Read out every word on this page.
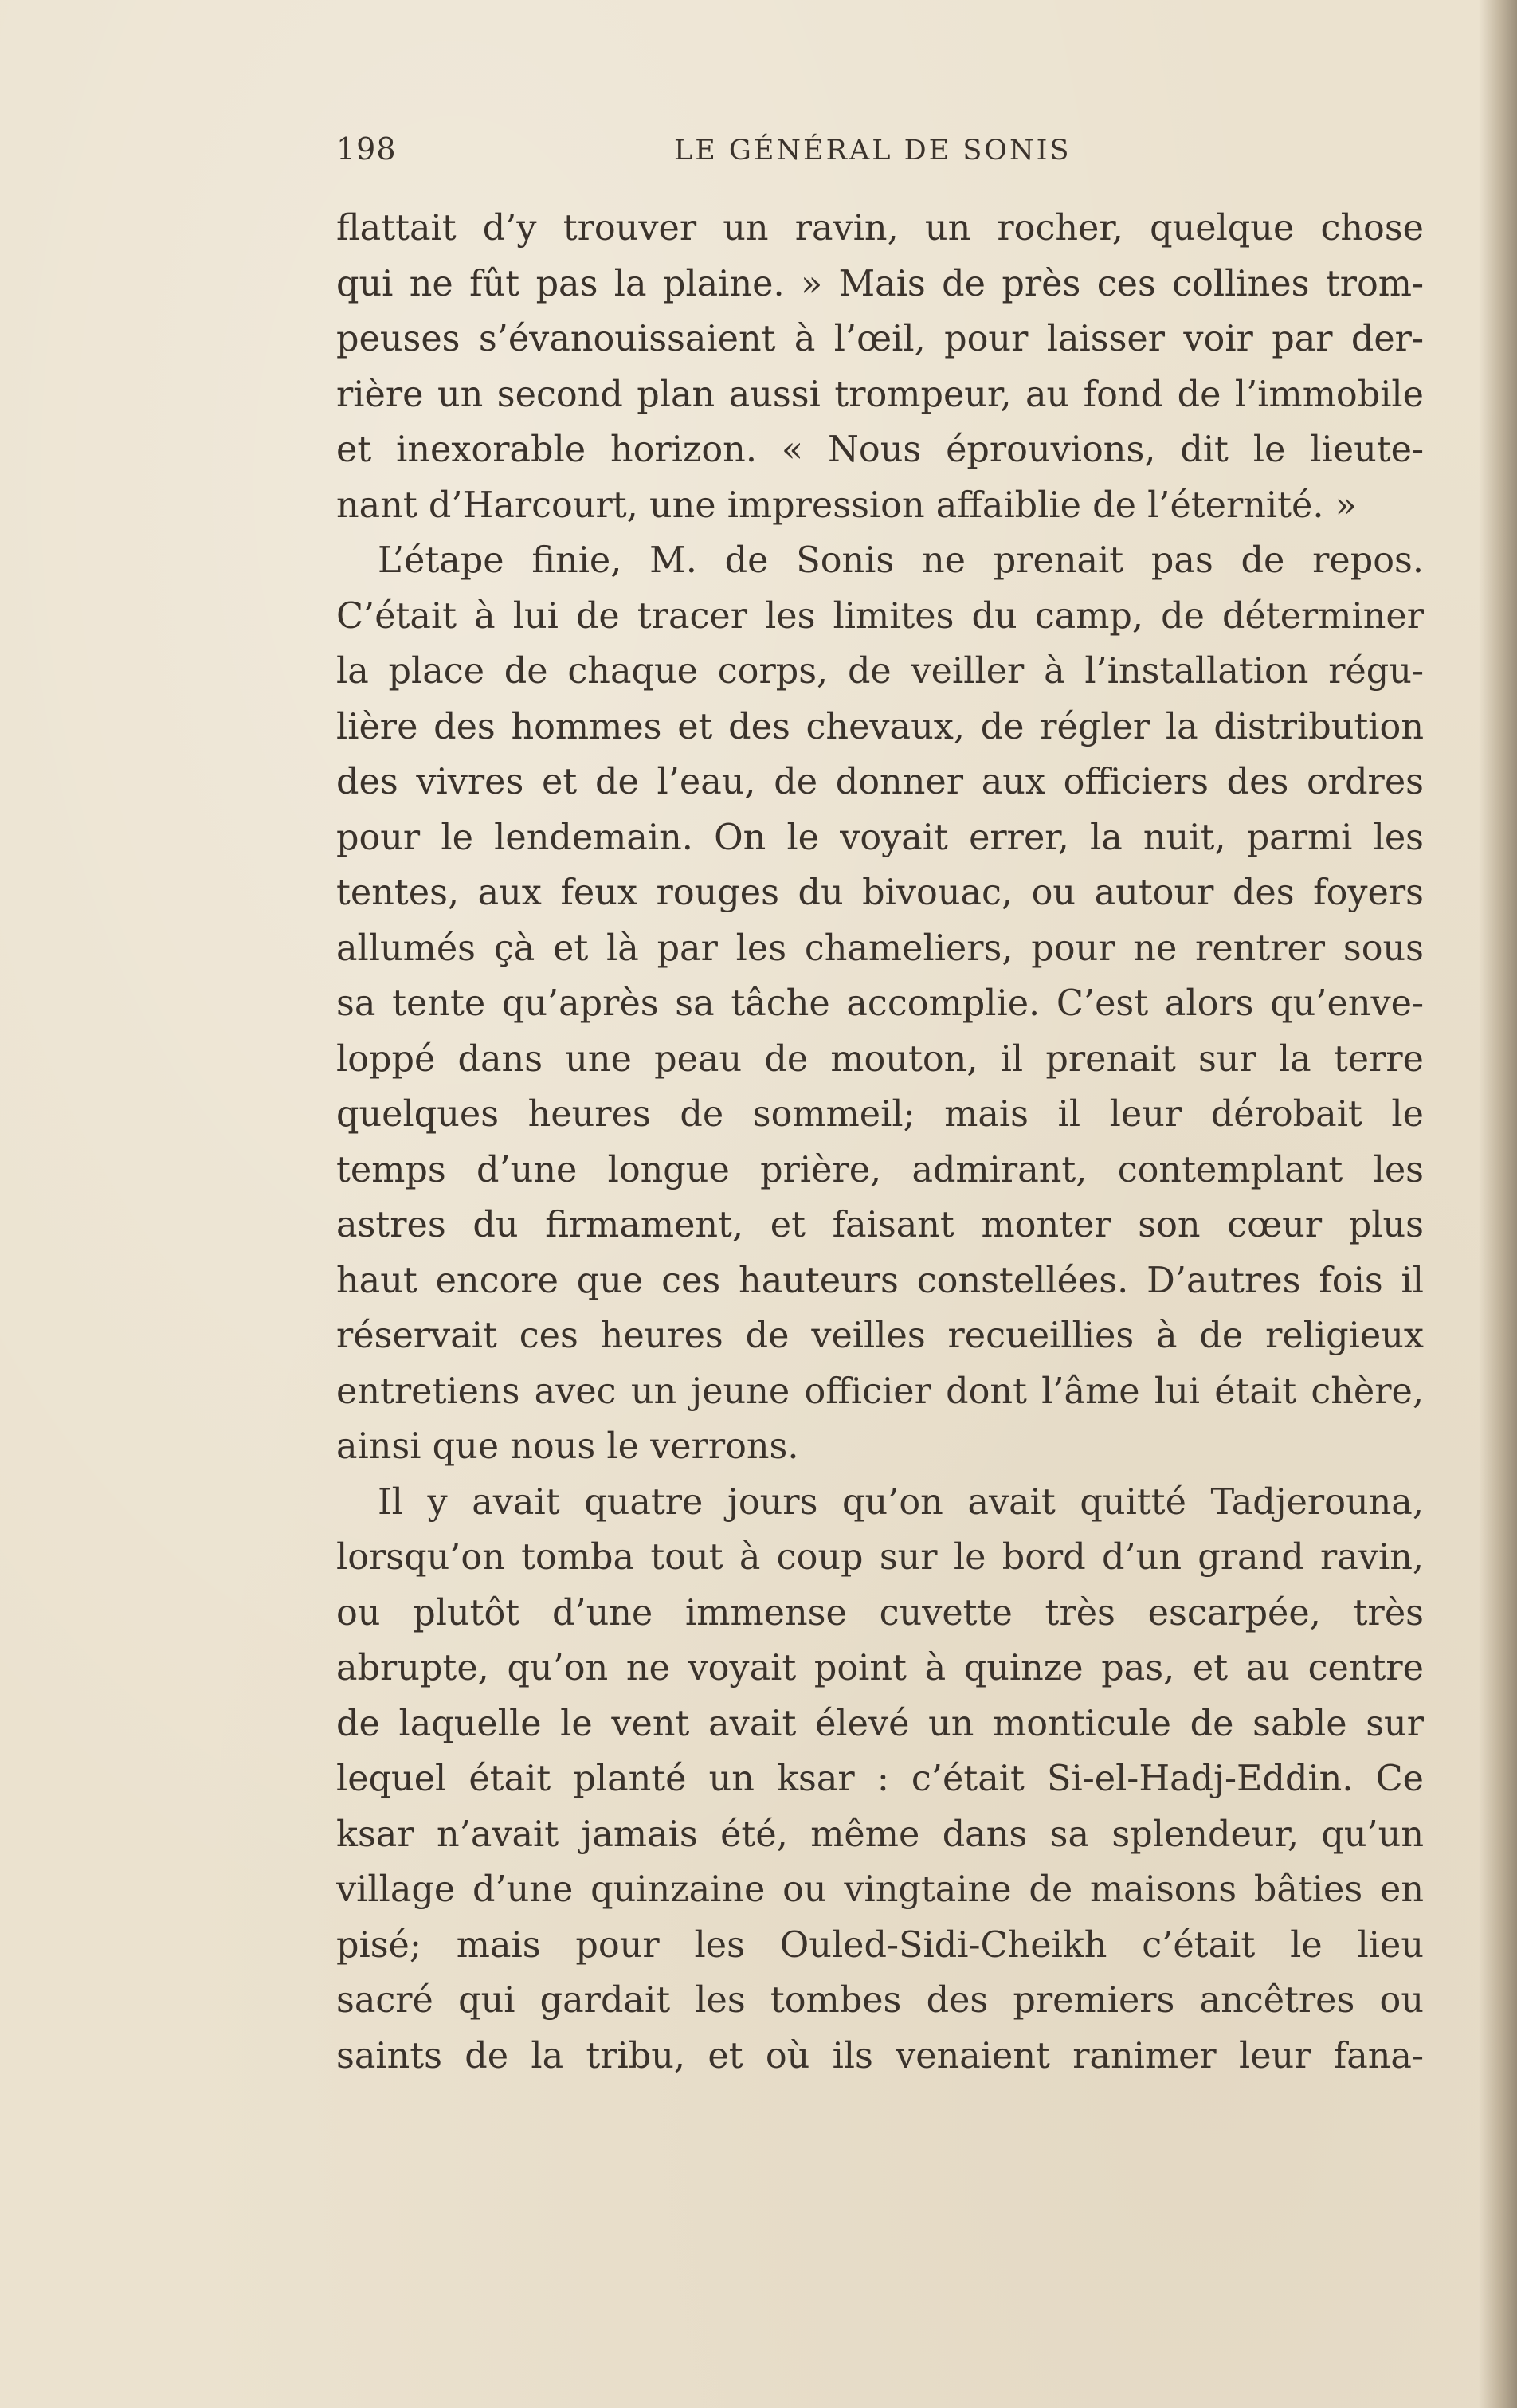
198	LE GÉNÉRAL DE SONIS
flattait d’y trouver un ravin, un rocher, quelque chose
qui ne fût pas la plaine. » Mais de près ces collines trom-
peuses s’évanouissaient à l’œil, pour laisser voir par der-
rière un second plan aussi trompeur, au fond de l’immobile
et inexorable horizon. « Nous éprouvions, dit le lieute-
nant d’Harcourt, une impression affaiblie de l’éternité. »
L’étape finie, M. de Sonis ne prenait pas de repos.
C’était à lui de tracer les limites du camp, de déterminer
la place de chaque corps, de veiller à l’installation régu-
lière des hommes et des chevaux, de régler la distribution
des vivres et de l’eau, de donner aux officiers des ordres
pour le lendemain. On le voyait errer, la nuit, parmi les
tentes, aux feux rouges du bivouac, ou autour des foyers
allumés çà et là par les chameliers, pour ne rentrer sous
sa tente qu’après sa tâche accomplie. C’est alors qu’enve-
loppé dans une peau de mouton, il prenait sur la terre
quelques heures de sommeil; mais il leur dérobait le
temps d’une longue prière, admirant, contemplant les
astres du firmament, et faisant monter son cœur plus
haut encore que ces hauteurs constellées. D’autres fois il
réservait ces heures de veilles recueillies à de religieux
entretiens avec un jeune officier dont l’âme lui était chère,
ainsi que nous le verrons.
Il y avait quatre jours qu’on avait quitté Tadjerouna,
lorsqu’on tomba tout à coup sur le bord d’un grand ravin,
ou plutôt d’une immense cuvette très escarpée, très
abrupte, qu’on ne voyait point à quinze pas, et au centre
de laquelle le vent avait élevé un monticule de sable sur
lequel était planté un ksar : c’était Si-el-Hadj-Eddin. Ce
ksar n’avait jamais été, même dans sa splendeur, qu’un
village d’une quinzaine ou vingtaine de maisons bâties en
pisé; mais pour les Ouled-Sidi-Cheikh c’était le lieu
sacré qui gardait les tombes des premiers ancêtres ou
saints de la tribu, et où ils venaient ranimer leur fana-
